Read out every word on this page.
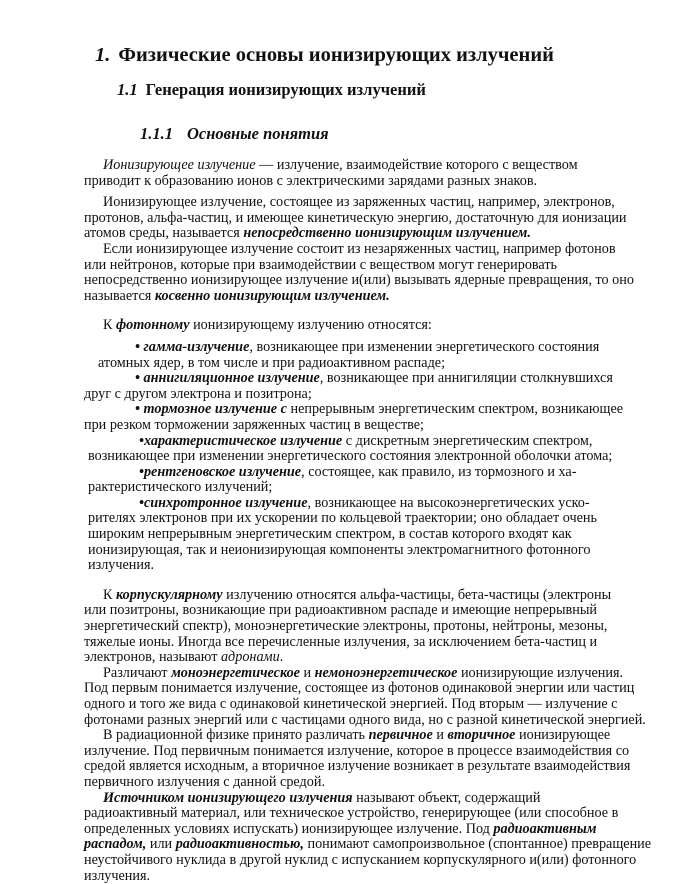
1. Физические основы ионизирующих излучений
1.1 Генерация ионизирующих излучений
1.1.1 Основные понятия
Ионизирующее излучение — излучение, взаимодействие которого с веществом
приводит к образованию ионов с электрическими зарядами разных знаков.
Ионизирующее излучение, состоящее из заряженных частиц, например, электронов,
протонов, альфа-частиц, и имеющее кинетическую энергию, достаточную для ионизации
атомов среды, называется непосредственно ионизирующим излучением.
Если ионизирующее излучение состоит из незаряженных частиц, например фотонов
или нейтронов, которые при взаимодействии с веществом могут генерировать
непосредственно ионизирующее излучение и(или) вызывать ядерные превращения, то оно
называется косвенно ионизирующим излучением.
К фотонному ионизирующему излучению относятся:
• гамма-излучение, возникающее при изменении энергетического состояния
атомных ядер, в том числе и при радиоактивном распаде;
• аннигиляционное излучение, возникающее при аннигиляции столкнувшихся
друг с другом электрона и позитрона;
• тормозное излучение с непрерывным энергетическим спектром, возникающее
при резком торможении заряженных частиц в веществе;
•характеристическое излучение с дискретным энергетическим спектром,
возникающее при изменении энергетического состояния электронной оболочки атома;
•рентгеновское излучение, состоящее, как правило, из тормозного и ха-
рактеристического излучений;
•синхротронное излучение, возникающее на высокоэнергетических уско-
рителях электронов при их ускорении по кольцевой траектории; оно обладает очень
широким непрерывным энергетическим спектром, в состав которого входят как
ионизирующая, так и неионизирующая компоненты электромагнитного фотонного
излучения.
К корпускулярному излучению относятся альфа-частицы, бета-частицы (электроны
или позитроны, возникающие при радиоактивном распаде и имеющие непрерывный
энергетический спектр), моноэнергетические электроны, протоны, нейтроны, мезоны,
тяжелые ионы. Иногда все перечисленные излучения, за исключением бета-частиц и
электронов, называют адронами.
Различают моноэнергетическое и немоноэнергетическое ионизирующие излучения.
Под первым понимается излучение, состоящее из фотонов одинаковой энергии или частиц
одного и того же вида с одинаковой кинетической энергией. Под вторым — излучение с
фотонами разных энергий или с частицами одного вида, но с разной кинетической энергией.
В радиационной физике принято различать первичное и вторичное ионизирующее
излучение. Под первичным понимается излучение, которое в процессе взаимодействия со
средой является исходным, а вторичное излучение возникает в результате взаимодействия
первичного излучения с данной средой.
Источником ионизирующего излучения называют объект, содержащий
радиоактивный материал, или техническое устройство, генерирующее (или способное в
определенных условиях испускать) ионизирующее излучение. Под радиоактивным
распадом, или радиоактивностью, понимают самопроизвольное (спонтанное) превращение
неустойчивого нуклида в другой нуклид с испусканием корпускулярного и(или) фотонного
излучения.
